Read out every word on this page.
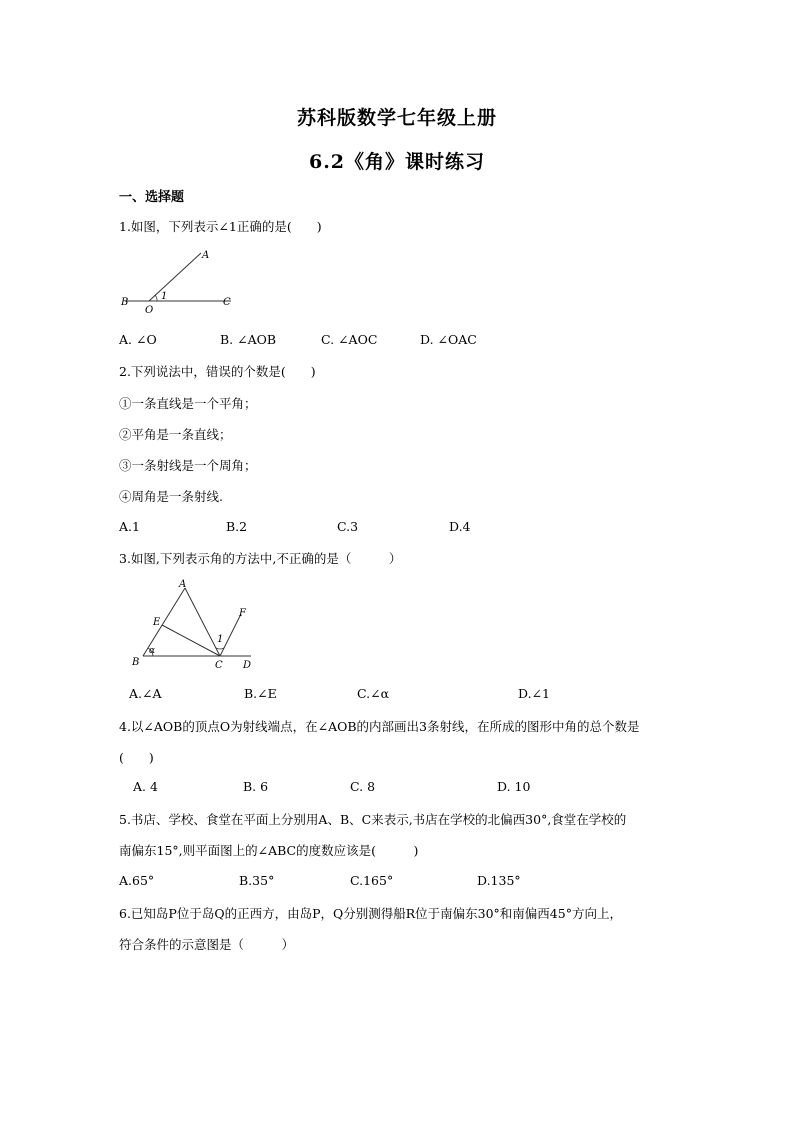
苏科版数学七年级上册
6.2《角》课时练习
一、选择题
1.如图，下列表示∠1正确的是(　　)
A
B
O
C
1
A. ∠O	B. ∠AOB	C. ∠AOC	D. ∠OAC
2.下列说法中，错误的个数是(　　)
①一条直线是一个平角；
②平角是一条直线；
③一条射线是一个周角；
④周角是一条射线.
A.1	B.2	C.3	D.4
3.如图,下列表示角的方法中,不正确的是（　　　）
A
E
F
1
B
α
C D
A.∠A	B.∠E	C.∠α	D.∠1
4.以∠AOB的顶点O为射线端点，在∠AOB的内部画出3条射线，在所成的图形中角的总个数是
(　　)
A. 4	B. 6	C. 8	D. 10
5.书店、学校、食堂在平面上分别用A、B、C来表示,书店在学校的北偏西30°,食堂在学校的
南偏东15°,则平面图上的∠ABC的度数应该是(　　　)
A.65°	B.35°	C.165°	D.135°
6.已知岛P位于岛Q的正西方，由岛P，Q分别测得船R位于南偏东30°和南偏西45°方向上，
符合条件的示意图是（　　　）
